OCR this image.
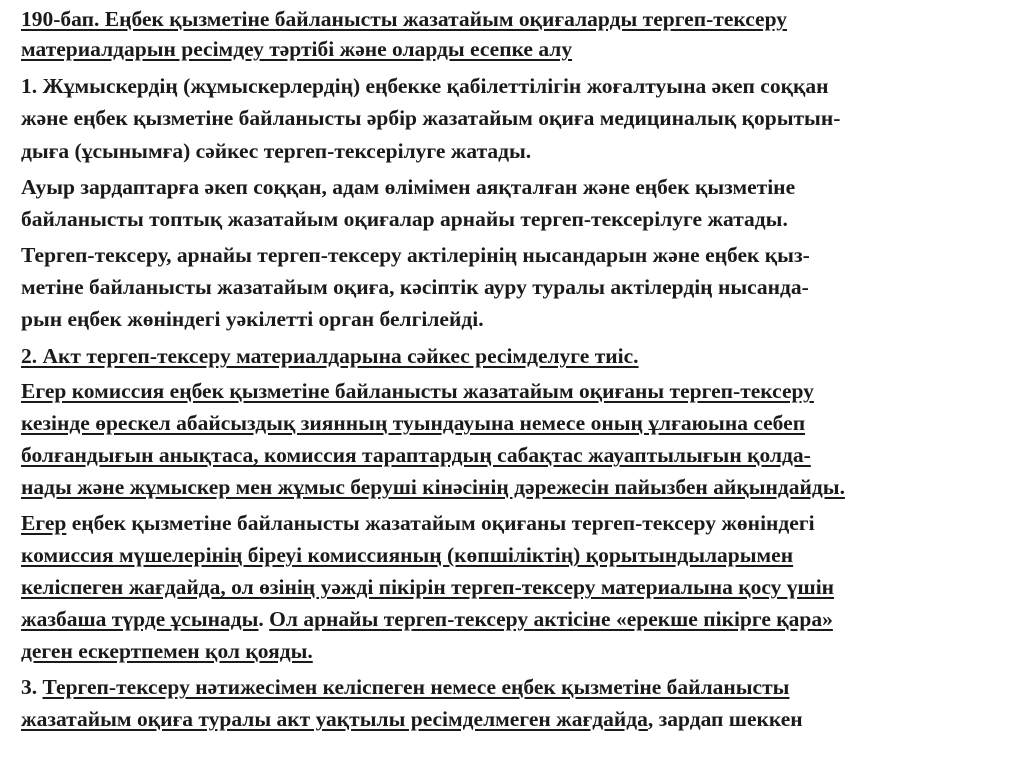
190-бап. Еңбек қызметіне байланысты жазатайым оқиғаларды тергеп-тексеру
материалдарын ресімдеу тәртібі және оларды есепке алу
1. Жұмыскердің (жұмыскерлердің) еңбекке қабілеттілігін жоғалтуына әкеп соққан
және еңбек қызметіне байланысты әрбір жазатайым оқиға медициналық қорытын-
дыға (ұсынымға) сәйкес тергеп-тексерілуге жатады.
Ауыр зардаптарға әкеп соққан, адам өлімімен аяқталған және еңбек қызметіне
байланысты топтық жазатайым оқиғалар арнайы тергеп-тексерілуге жатады.
Тергеп-тексеру, арнайы тергеп-тексеру актілерінің нысандарын және еңбек қыз-
метіне байланысты жазатайым оқиға, кәсіптік ауру туралы актілердің нысанда-
рын еңбек жөніндегі уәкілетті орган белгілейді.
2. Акт тергеп-тексеру материалдарына сәйкес ресімделуге тиіс.
Егер комиссия еңбек қызметіне байланысты жазатайым оқиғаны тергеп-тексеру
кезінде өрескел абайсыздық зиянның туындауына немесе оның ұлғаюына себеп
болғандығын анықтаса, комиссия тараптардың сабақтас жауаптылығын қолда-
нады және жұмыскер мен жұмыс беруші кінәсінің дәрежесін пайызбен айқындайды.
Егер еңбек қызметіне байланысты жазатайым оқиғаны тергеп-тексеру жөніндегі
комиссия мүшелерінің біреуі комиссияның (көпшіліктің) қорытындыларымен
келіспеген жағдайда, ол өзінің уәжді пікірін тергеп-тексеру материалына қосу үшін
жазбаша түрде ұсынады. Ол арнайы тергеп-тексеру актісіне «ерекше пікірге қара»
деген ескертпемен қол қояды.
3. Тергеп-тексеру нәтижесімен келіспеген немесе еңбек қызметіне байланысты
жазатайым оқиға туралы акт уақтылы ресімделмеген жағдайда, зардап шеккен
